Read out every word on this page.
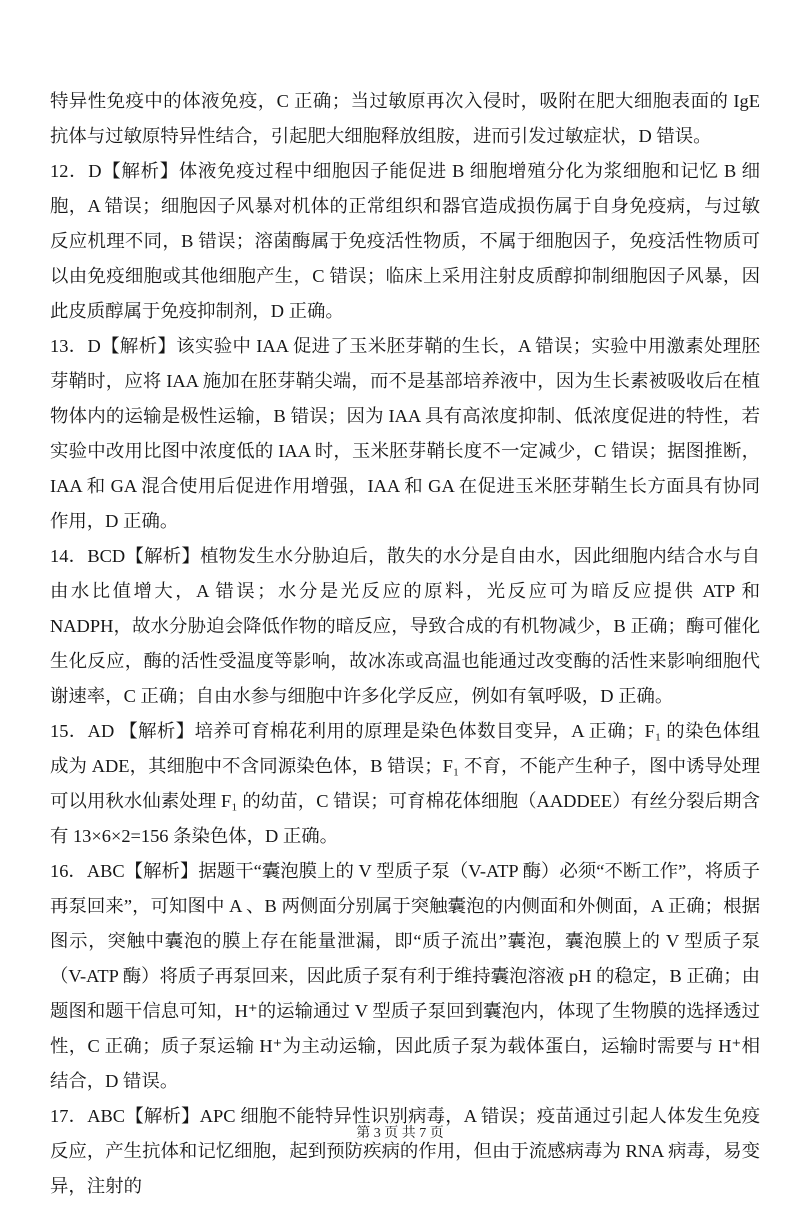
特异性免疫中的体液免疫，C 正确；当过敏原再次入侵时，吸附在肥大细胞表面的 IgE 抗体与过敏原特异性结合，引起肥大细胞释放组胺，进而引发过敏症状，D 错误。

12．D【解析】体液免疫过程中细胞因子能促进 B 细胞增殖分化为浆细胞和记忆 B 细胞，A 错误；细胞因子风暴对机体的正常组织和器官造成损伤属于自身免疫病，与过敏反应机理不同，B 错误；溶菌酶属于免疫活性物质，不属于细胞因子，免疫活性物质可以由免疫细胞或其他细胞产生，C 错误；临床上采用注射皮质醇抑制细胞因子风暴，因此皮质醇属于免疫抑制剂，D 正确。

13．D【解析】该实验中 IAA 促进了玉米胚芽鞘的生长，A 错误；实验中用激素处理胚芽鞘时，应将 IAA 施加在胚芽鞘尖端，而不是基部培养液中，因为生长素被吸收后在植物体内的运输是极性运输，B 错误；因为 IAA 具有高浓度抑制、低浓度促进的特性，若实验中改用比图中浓度低的 IAA 时，玉米胚芽鞘长度不一定减少，C 错误；据图推断，IAA 和 GA 混合使用后促进作用增强，IAA 和 GA 在促进玉米胚芽鞘生长方面具有协同作用，D 正确。

14．BCD【解析】植物发生水分胁迫后，散失的水分是自由水，因此细胞内结合水与自由水比值增大，A 错误；水分是光反应的原料，光反应可为暗反应提供 ATP 和 NADPH，故水分胁迫会降低作物的暗反应，导致合成的有机物减少，B 正确；酶可催化生化反应，酶的活性受温度等影响，故冰冻或高温也能通过改变酶的活性来影响细胞代谢速率，C 正确；自由水参与细胞中许多化学反应，例如有氧呼吸，D 正确。

15．AD 【解析】培养可育棉花利用的原理是染色体数目变异，A 正确；F₁ 的染色体组成为 ADE，其细胞中不含同源染色体，B 错误；F₁ 不育，不能产生种子，图中诱导处理可以用秋水仙素处理 F₁ 的幼苗，C 错误；可育棉花体细胞（AADDEE）有丝分裂后期含有 13×6×2=156 条染色体，D 正确。

16．ABC【解析】据题干“囊泡膜上的 V 型质子泵（V-ATP 酶）必须“不断工作”，将质子再泵回来”，可知图中 A 、B 两侧面分别属于突触囊泡的内侧面和外侧面，A 正确；根据图示，突触中囊泡的膜上存在能量泄漏，即“质子流出”囊泡，囊泡膜上的 V 型质子泵（V-ATP 酶）将质子再泵回来，因此质子泵有利于维持囊泡溶液 pH 的稳定，B 正确；由题图和题干信息可知，H⁺的运输通过 V 型质子泵回到囊泡内，体现了生物膜的选择透过性，C 正确；质子泵运输 H⁺为主动运输，因此质子泵为载体蛋白，运输时需要与 H⁺相结合，D 错误。

17．ABC【解析】APC 细胞不能特异性识别病毒，A 错误；疫苗通过引起人体发生免疫反应，产生抗体和记忆细胞，起到预防疾病的作用，但由于流感病毒为 RNA 病毒，易变异，注射的

第 3 页 共 7 页
